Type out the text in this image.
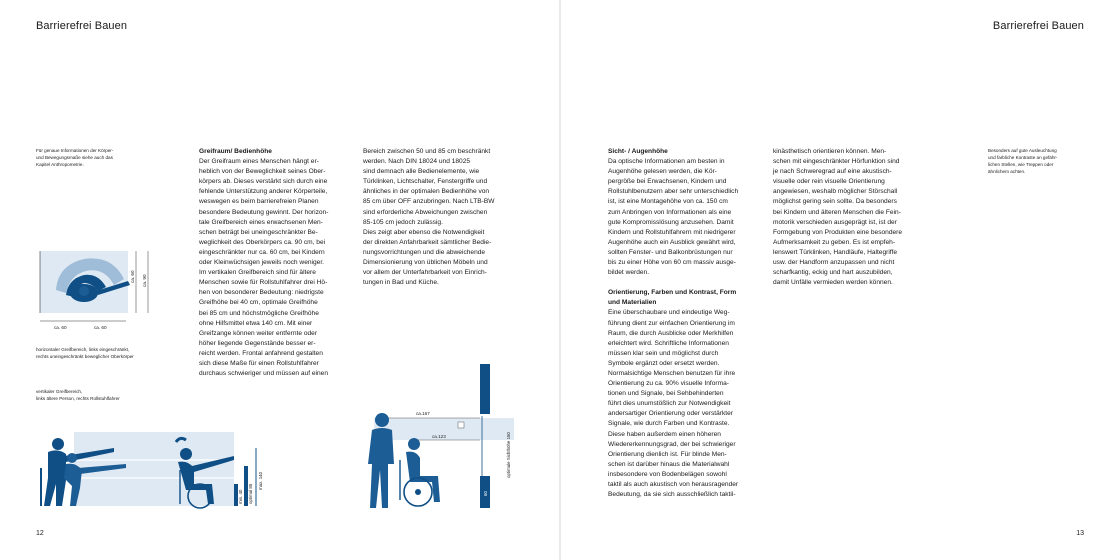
Barrierefrei Bauen
Für genaue Informationen der Körper-
und Bewegungsmaße siehe auch das
Kapitel Anthropometrie.
Greifraum/ Bedienhöhe
Der Greifraum eines Menschen hängt er-
heblich von der Beweglichkeit seines Ober-
körpers ab. Dieses verstärkt sich durch eine
fehlende Unterstützung anderer Körperteile,
weswegen es beim barrierefreien Planen
besondere Bedeutung gewinnt. Der horizon-
tale Greifbereich eines erwachsenen Men-
schen beträgt bei uneingeschränkter Be-
weglichkeit des Oberkörpers ca. 90 cm, bei
eingeschränkter nur ca. 60 cm, bei Kindern
oder Kleinwüchsigen jeweils noch weniger.
Im vertikalen Greifbereich sind für ältere
Menschen sowie für Rollstuhlfahrer drei Hö-
hen von besonderer Bedeutung: niedrigste
Greifhöhe bei 40 cm, optimale Greifhöhe
bei 85 cm und höchstmögliche Greifhöhe
ohne Hilfsmittel etwa 140 cm. Mit einer
Greifzange können weiter entfernte oder
höher liegende Gegenstände besser er-
reicht werden. Frontal anfahrend gestalten
sich diese Maße für einen Rollstuhlfahrer
durchaus schwieriger und müssen auf einen
Bereich zwischen 50 und 85 cm beschränkt
werden. Nach DIN 18024 und 18025
sind demnach alle Bedienelemente, wie
Türklinken, Lichtschalter, Fenstergriffe und
ähnliches in der optimalen Bedienhöhe von
85 cm über OFF anzubringen. Nach LTB-BW
sind erforderliche Abweichungen zwischen
85-105 cm jedoch zulässig.
Dies zeigt aber ebenso die Notwendigkeit
der direkten Anfahrbarkeit sämtlicher Bedie-
nungsvorrichtungen und die abweichende
Dimensionierung von üblichen Möbeln und
vor allem der Unterfahrbarkeit von Einrich-
tungen in Bad und Küche.
ca. 60	ca. 60
ca. 60 ca. 90
horizontaler Greifbereich, links eingeschränkt,
rechts uneingeschränkt beweglicher Oberkörper
vertikaler Greifbereich,
links ältere Person, rechts Rollstuhlfahrer
min. 40 optimal 85
max. 140
ca.167
ca.123	optimale Sichthöhe 150
60
12
Barrierefrei Bauen
Sicht- / Augenhöhe
Da optische Informationen am besten in
Augenhöhe gelesen werden, die Kör-
pergröße bei Erwachsenen, Kindern und
Rollstuhlbenutzern aber sehr unterschiedlich
ist, ist eine Montagehöhe von ca. 150 cm
zum Anbringen von Informationen als eine
gute Kompromisslösung anzusehen. Damit
Kindern und Rollstuhlfahrern mit niedrigerer
Augenhöhe auch ein Ausblick gewährt wird,
sollten Fenster- und Balkonbrüstungen nur
bis zu einer Höhe von 60 cm massiv ausge-
bildet werden.
Orientierung, Farben und Kontrast, Form
und Materialien
Eine überschaubare und eindeutige Weg-
führung dient zur einfachen Orientierung im
Raum, die durch Ausblicke oder Merkhilfen
erleichtert wird. Schriftliche Informationen
müssen klar sein und möglichst durch
Symbole ergänzt oder ersetzt werden.
Normalsichtige Menschen benutzen für ihre
Orientierung zu ca. 90% visuelle Informa-
tionen und Signale, bei Sehbehinderten
führt dies unumstößlich zur Notwendigkeit
andersartiger Orientierung oder verstärkter
Signale, wie durch Farben und Kontraste.
Diese haben außerdem einen höheren
Wiedererkennungsgrad, der bei schwieriger
Orientierung dienlich ist. Für blinde Men-
schen ist darüber hinaus die Materialwahl
insbesondere von Bodenbelägen sowohl
taktil als auch akustisch von herausragender
Bedeutung, da sie sich ausschließlich taktil-
kinästhetisch orientieren können. Men-
schen mit eingeschränkter Hörfunktion sind
je nach Schweregrad auf eine akustisch-
visuelle oder rein visuelle Orientierung
angewiesen, weshalb möglicher Störschall
möglichst gering sein sollte. Da besonders
bei Kindern und älteren Menschen die Fein-
motorik verschieden ausgeprägt ist, ist der
Formgebung von Produkten eine besondere
Aufmerksamkeit zu geben. Es ist empfeh-
lenswert Türklinken, Handläufe, Haltegriffe
usw. der Handform anzupassen und nicht
scharfkantig, eckig und hart auszubilden,
damit Unfälle vermieden werden können.
Besonders auf gute Ausleuchtung
und farbliche Kontraste an gefähr-
lichen Stellen, wie Treppen oder
ähnlichem achten.
13
